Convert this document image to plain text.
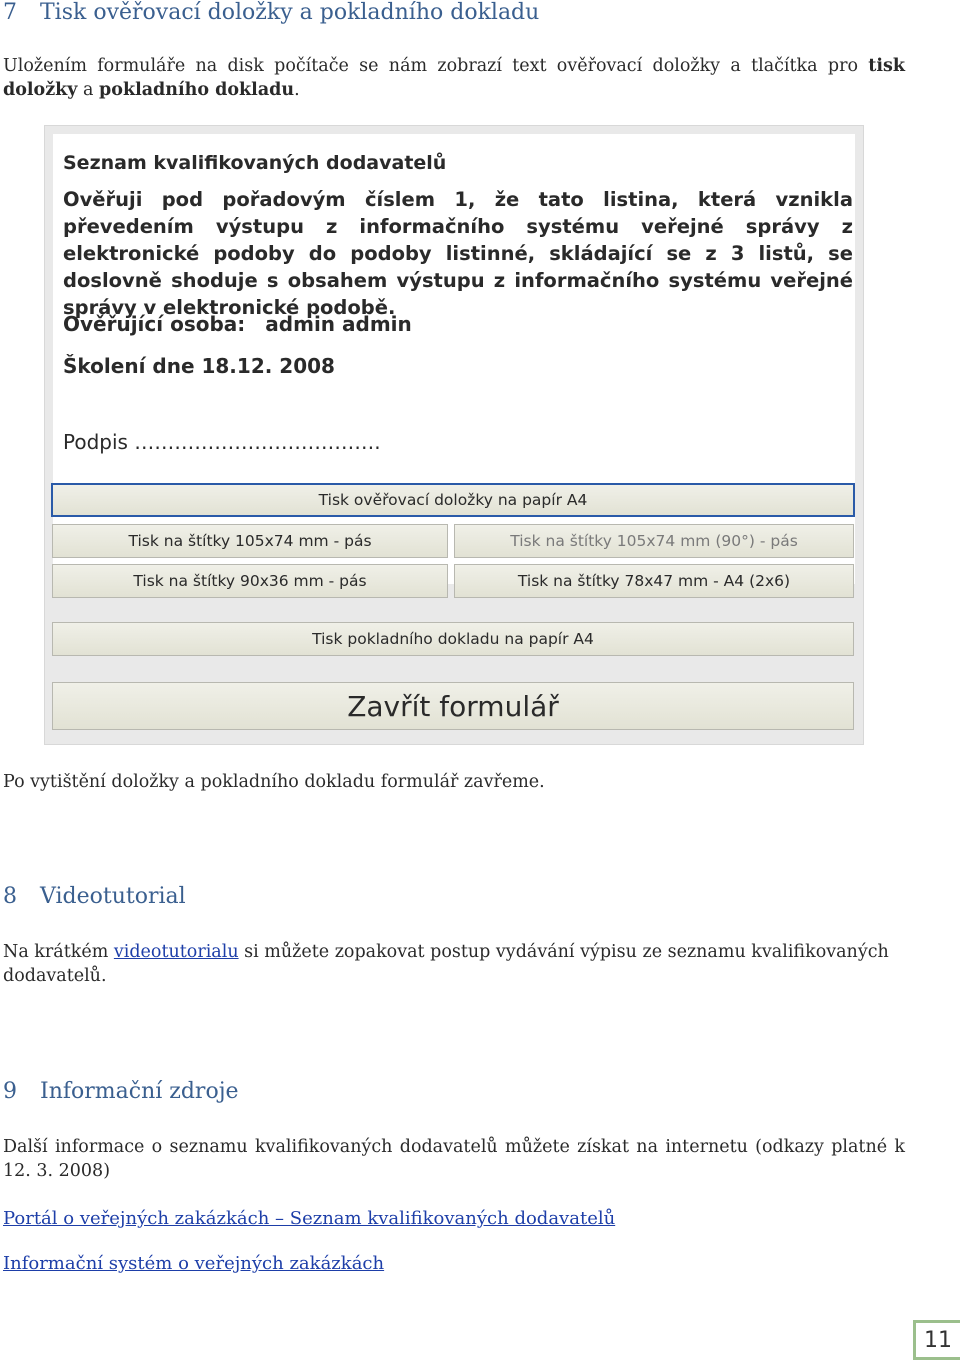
7 Tisk ověřovací doložky a pokladního dokladu

Uložením formuláře na disk počítače se nám zobrazí text ověřovací doložky a tlačítka pro tisk doložky a pokladního dokladu.

Seznam kvalifikovaných dodavatelů

Ověřuji pod pořadovým číslem 1, že tato listina, která vznikla převedením výstupu z informačního systému veřejné správy z elektronické podoby do podoby listinné, skládající se z 3 listů, se doslovně shoduje s obsahem výstupu z informačního systému veřejné správy v elektronické podobě.

Ověřující osoba: admin admin

Školení dne 18.12. 2008

Podpis ……………………………….

Tisk ověřovací doložky na papír A4
Tisk na štítky 105x74 mm - pás	Tisk na štítky 105x74 mm (90°) - pás
Tisk na štítky 90x36 mm - pás	Tisk na štítky 78x47 mm - A4 (2x6)
Tisk pokladního dokladu na papír A4
Zavřít formulář

Po vytištění doložky a pokladního dokladu formulář zavřeme.

8 Videotutorial

Na krátkém videotutorialu si můžete zopakovat postup vydávání výpisu ze seznamu kvalifikovaných dodavatelů.

9 Informační zdroje

Další informace o seznamu kvalifikovaných dodavatelů můžete získat na internetu (odkazy platné k 12. 3. 2008)

Portál o veřejných zakázkách – Seznam kvalifikovaných dodavatelů
Informační systém o veřejných zakázkách
11
